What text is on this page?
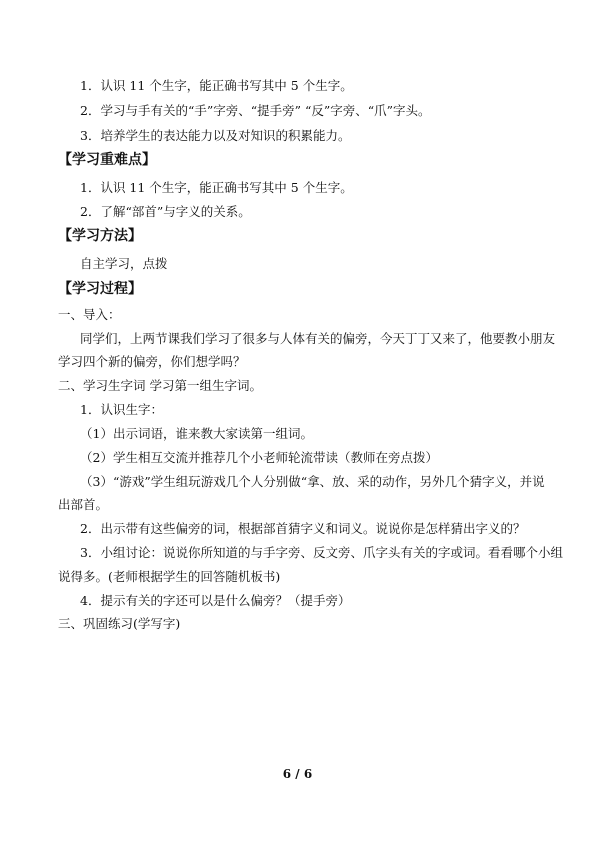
1．认识 11 个生字，能正确书写其中 5 个生字。
2．学习与手有关的“手”字旁、“提手旁” “反”字旁、“爪”字头。
3．培养学生的表达能力以及对知识的积累能力。
【学习重难点】
1．认识 11 个生字，能正确书写其中 5 个生字。
2．了解“部首”与字义的关系。
【学习方法】
自主学习，点拨
【学习过程】
一、导入：
同学们，上两节课我们学习了很多与人体有关的偏旁，今天丁丁又来了，他要教小朋友
学习四个新的偏旁，你们想学吗？
二、学习生字词 学习第一组生字词。
1．认识生字：
（1）出示词语，谁来教大家读第一组词。
（2）学生相互交流并推荐几个小老师轮流带读（教师在旁点拨）
（3）“游戏”学生组玩游戏几个人分别做“拿、放、采的动作，另外几个猜字义，并说
出部首。
2．出示带有这些偏旁的词，根据部首猜字义和词义。说说你是怎样猜出字义的？
3．小组讨论：说说你所知道的与手字旁、反文旁、爪字头有关的字或词。看看哪个小组
说得多。(老师根据学生的回答随机板书)
4．提示有关的字还可以是什么偏旁？（提手旁）
三、巩固练习(学写字)
6 / 6
